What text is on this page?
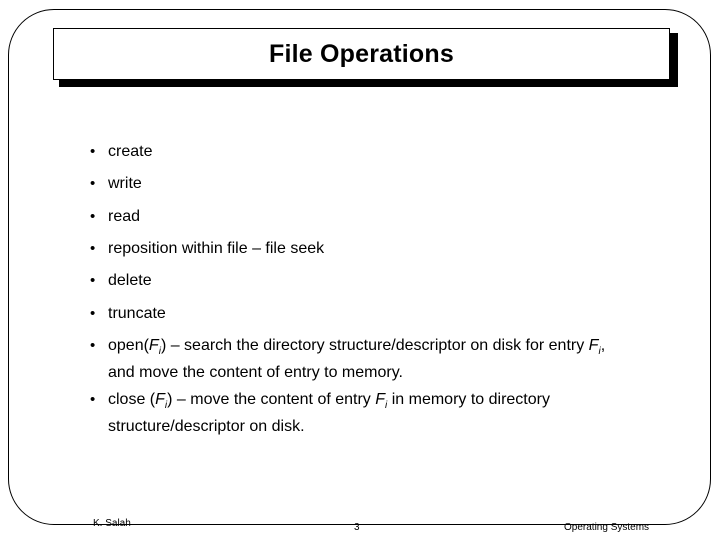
File Operations
• create
• write
• read
• reposition within file – file seek
• delete
• truncate
• $open(F_i)$ – search the directory structure/descriptor on disk for entry $F_i$, and move the content of entry to memory.
• close $(F_i)$ – move the content of entry $F_i$ in memory to directory structure/descriptor on disk.
K. Salah	3	Operating Systems
